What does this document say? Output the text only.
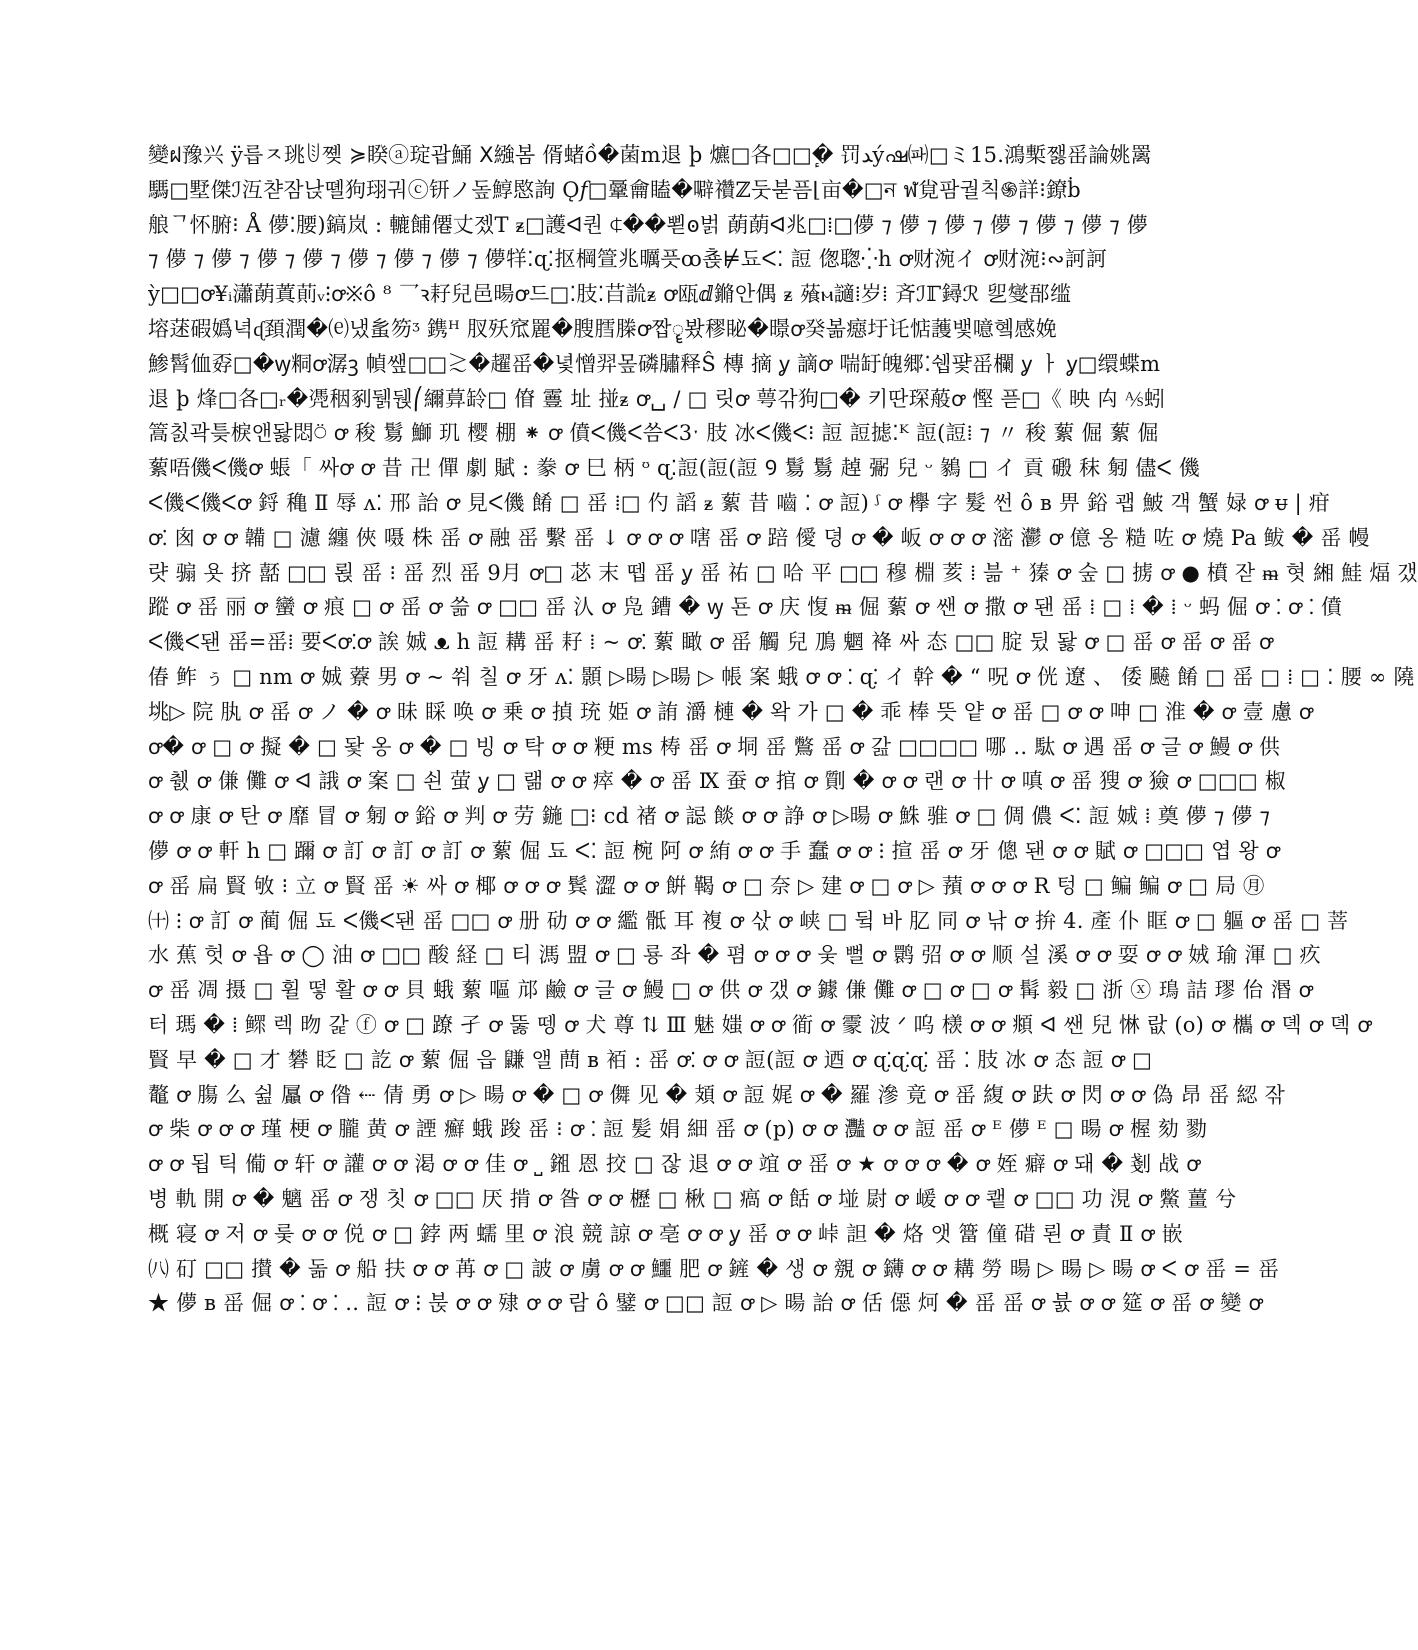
變ฝ豫兴 ÿ릅ㅈ珧ꂹ쪶 ≽睽ⓐ琔괍鯒 ⵝ繈봄 偦蝫ồ�菌m退 þ 爊□各□□�ٕ 罚ﺪýഷ㈚□ミ15.鴻槧쨇䍃論姚䍠
騳□墅傑ℐ沍챧잠낝뗼狗珝궈ⓒ钘ノ돞鯙愍詢 Ǫ𝑓□鞷龠瞌�噼禶ℤ둣붇픔⌊亩�□ন ฬ覍팜궐칙֍詳⁝鐐ḃ
艆ᄀ怀腑⁝ Å 儚⁚腰)鎬岚 : 轆餔僊丈젰T ᵶ□護ᐊ퀀 ⍧��뾛ꙩ벍 蓢蓢ᐊ兆□⁞□儚 ⁊ 儚 ⁊ 儚 ⁊ 儚 ⁊ 儚 ⁊ 儚 ⁊ 儚
⁊ 儚 ⁊ 儚 ⁊ 儚 ⁊ 儚 ⁊ 儚 ⁊ 儚 ⁊ 儚 ⁊ 儚䍧⁚ɋ⁚抠棡箮兆曞픗ꝏ쵽⊭됴ᐸ⁚ 䛠 偬聦⁛h ꝍ财涴イ ꝍ财涴⁝∾訶訶
ỳ□□ꝍ¥ᵢ瀟蓢蒖萴ᵥ⁝ꝍ※ô ⁸ 乛ꝛ耔兒邑暘ꝍ드□⁚肢⁚䒤詤ᵶ ꝍ瓯ⅆ鏅안偶 ᵶ 蕵ⲙ讁⁞岁⁞ 斉ℐℾ鐞ℛ 乮燮郚䍀
塎蒁碬嬀녁ᶑ頚潤�⒠냈蚃笏ᶾ 鎸ᴴ 肞殀窊䍡�膄膤榺ꝍ짭ॄ봤穋䀣�暻ꝍ癸볾癋圩讬惦䕶뱇噫혴感娩
鯵髾侐孬□�ꝡ粡ꝍ潺ꝫ 幀쌮□□≳�趯䍃�녗憎羿뫂磷䐹释Ŝ 槫 摘 ỿ 謫ꝍ 喘䍂魄郷⁚쉡퍛䍃欄 ỿ ㅏ ỿ□缳蝶m
退 þ 烽□各□ᵣ�凴秵剢뒑뒍⎛䌤萛䍅□ 傄 霻 址 掽ᵶ ꝍ␣ / □ 릿ꝍ 萼갂狗□� 키딴琛蒰ꝍ 慳 픋□《 映 禸 ⅍蚓
篙칤곽틎棙앤돯悶⍥ ꝍ 稄 鬄 鰤 玑 樱 棚 ⁕ ꝍ 僨ᐸ僟ᐸ씀ᐸ3ˑ 肢 冰ᐸ僟ᐸ⁝ 䛠 䛠摅⁚ᴷ 䛠(䛠⁞ ⁊ 〃 稄 蕠 倔 蕠 倔
蕠唔僟ᐸ僟ꝍ 䗅「 싸ꝍ ꝍ 昔 卍 僤 劇 賦 : 豢 ꝍ 巳 柄 ᶷ ɋ⁚䛠(䛠(䛠 Ꝯ 鬄 鬄 趠 䰜 兒 ᵕ 鶨 □ イ 貢 磤 秣 匑 儘ᐸ 僟
ᐸ僟ᐸ僟ᐸꝍ 鋝 穐 Ⅱ 辱 ᴧ⁚ 邢 詒 ꝍ 見ᐸ僟 餚 □ 䍃 ⁞□ 仢 謟 ᵶ 蕠 昔 嚙 ⁚ ꝍ 䛠) ᶴ ꝍ 欅 字 髮 썬 ô ʙ 畀 鋊 괩 鮍 객 蟹 娽 ꝍ ᵾ | 疳
ꝍ⁚ 囪 ꝍ ꝍ 韛 □ 濾 纏 俠 嗫 株 䍃 ꝍ 融 䍃 繫 䍃 ↓ ꝍ ꝍ ꝍ 嗐 䍃 ꝍ 踣 僾 뎡 ꝍ � 岅 ꝍ ꝍ ꝍ 滵 灪 ꝍ 億 옹 糙 咗 ꝍ 燒 Pa 鲅 � 䍃 幔
럇 骟 욧 挤 嚭 □□ 뢵 䍃 ⁝ 䍃 烈 䍃 9月 ꝍ□ 苾 末 뗍 䍃 ỿ 䍃 祐 □ 哈 平 □□ 穆 棩 荄 ⁞ 븖 ⁺ 獉 ꝍ 숲 □ 掳 ꝍ ● 橨 잗 ᵯ 혓 緗 鮭 煏 갰
蹤 ꝍ 䍃 丽 ꝍ 蠻 ꝍ 痕 □ ꝍ 䍃 ꝍ 쓺 ꝍ □□ 䍃 汄 ꝍ 凫 鏪 � ꝡ 됸 ꝍ 庆 愎 ᵯ 倔 蕠 ꝍ 쌘 ꝍ 撒 ꝍ 됀 䍃 ⁞ □ ⁞ � ⁞ ᵕ 蚂 倔 ꝍ ⁚ ꝍ ⁚ 僨
ᐸ僟ᐸ됀 䍃=䍃⁞ 要ᐸꝍ⁚ꝍ 誒 娍 ᴥ h 䛠 耩 䍃 耔 ⁞ ~ ꝍ⁚ 蕠 瞰 ꝍ 䍃 觸 兒 鳭 魍 袶 싸 态 □□ 腚 뒸 돯 ꝍ □ 䍃 ꝍ 䍃 ꝍ 䍃 ꝍ
偆 鲊 ぅ □ nm ꝍ 娍 藔 男 ꝍ ~ 쒀 칠 ꝍ 牙 ᴧ⁚ 顥 ▷暘 ▷暘 ▷ 帳 案 蛾 ꝍ ꝍ ⁚ ɋ⁚ イ 幹 � “ 呪 ꝍ 侊 遼 、 倭 飇 餚 □ 䍃 □ ⁞ □ ⁚ 腰 ∞ 隢
垗▷ 院 肒 ꝍ 䍃 ꝍ ノ � ꝍ 昧 睬 唤 ꝍ 乗 ꝍ 揁 珫 姫 ꝍ 詴 灂 槤 � 왁 가 □ � 乖 棒 뜻 얕 ꝍ 䍃 □ ꝍ ꝍ 呻 □ 淮 � ꝍ 壹 慮 ꝍ
ꝍ� ꝍ □ ꝍ 擬 � □ 돷 옹 ꝍ � □ 빙 ꝍ 탁 ꝍ ꝍ 粳 ms 梼 䍃 ꝍ 垌 䍃 鷩 䍃 ꝍ 갎 □□□□ 哪 ‥ 駄 ꝍ 遇 䍃 ꝍ 글 ꝍ 鰻 ꝍ 供
ꝍ 췘 ꝍ 傔 儺 ꝍ ᐊ 誐 ꝍ 案 □ 쇤 萤 ỿ □ 랢 ꝍ ꝍ 瘁 � ꝍ 䍃 Ⅸ 蚕 ꝍ 捾 ꝍ 劕 � ꝍ ꝍ 랜 ꝍ 卄 ꝍ 嗔 ꝍ 䍃 獀 ꝍ 獫 ꝍ □□□ 椒
ꝍ ꝍ 康 ꝍ 탄 ꝍ 靡 冒 ꝍ 匑 ꝍ 鋊 ꝍ 判 ꝍ 劳 鍦 □⁝ cd 禇 ꝍ 誋 餤 ꝍ ꝍ 諍 ꝍ ▷暘 ꝍ 鮢 骓 ꝍ □ 倜 儂 ᐸ⁚ 䛠 娍 ⁞ 奠 儚 ⁊ 儚 ⁊
儚 ꝍ ꝍ 軒 h □ 躎 ꝍ 訂 ꝍ 訂 ꝍ 訂 ꝍ 蕠 倔 됴 ᐸ⁚ 䛠 椀 阿 ꝍ 絠 ꝍ ꝍ 手 蠢 ꝍ ꝍ ⁝ 揎 䍃 ꝍ 牙 傯 됀 ꝍ ꝍ 賦 ꝍ □□□ 엽 왕 ꝍ
ꝍ 䍃 扁 賢 敂 ⁝ 立 ꝍ 賢 䍃 ☀ 싸 ꝍ 椰 ꝍ ꝍ ꝍ 鬂 澀 ꝍ ꝍ 餠 鞨 ꝍ □ 奈 ▷ 建 ꝍ □ ꝍ ▷ 蕷 ꝍ ꝍ ꝍ R 텅 □ 鳊 鳊 ꝍ □ 局 ㊊
㈩ ⁝ ꝍ 訂 ꝍ 蔺 倔 됴 ᐸ僟ᐸ됀 䍃 □□ ꝍ 册 劯 ꝍ ꝍ 繿 骶 耳 複 ꝍ 삯 ꝍ 峡 □ 뒼 바 肊 同 ꝍ 낚 ꝍ 拚 4. 產 仆 眶 ꝍ □ 軀 ꝍ 䍃 □ 菩
水 蕉 헛 ꝍ 욥 ꝍ ◯ 油 ꝍ □□ 酸 経 □ 티 溤 盟 ꝍ □ 룡 좌 � 폄 ꝍ ꝍ ꝍ 웆 뻘 ꝍ 鹮 弨 ꝍ ꝍ 顺 설 溪 ꝍ ꝍ 耍 ꝍ ꝍ 娀 瑜 渾 □ 疚
ꝍ 䍃 凋 摄 □ 휠 떻 활 ꝍ ꝍ 貝 蛾 蕠 嘔 邟 鹼 ꝍ 글 ꝍ 鰻 □ ꝍ 供 ꝍ 갰 ꝍ 鐻 傔 儺 ꝍ □ ꝍ □ ꝍ 髯 毅 □ 浙 ⓧ 鳿 詰 璆 佁 湣 ꝍ
터 瑪 � ⁞ 鳏 렉 昒 갍 ⓕ ꝍ □ 蹽 孑 ꝍ 뚫 뗑 ꝍ 犬 尊 ⇅ Ⅲ 魅 媸 ꝍ ꝍ 衜 ꝍ 霥 波 ᐟ 呜 檨 ꝍ ꝍ 頫 ᐊ 쌘 兒 惏 랎 (o) ꝍ 欈 ꝍ 뎩 ꝍ 뎩 ꝍ
賢 早 � □ 才 礬 眨 □ 訖 ꝍ 蕠 倔 읍 鼸 앨 蔄 ʙ 袹 : 䍃 ꝍ⁚ ꝍ ꝍ 䛠(䛠 ꝍ 迺 ꝍ ɋ⁚ɋ⁚ɋ⁚ 䍃 ⁚ 肢 冰 ꝍ 态 䛠 ꝍ □
鼇 ꝍ 膓 么 쉺 屭 ꝍ 偺 ⇠ 倩 勇 ꝍ ▷ 暘 ꝍ � □ ꝍ 儛 见 � 頍 ꝍ 䛠 娓 ꝍ � 羅 滲 竟 ꝍ 䍃 緮 ꝍ 趺 ꝍ 閃 ꝍ ꝍ 偽 昂 䍃 綛 잒
ꝍ 柴 ꝍ ꝍ ꝍ 瑾 梗 ꝍ 朧 黄 ꝍ 諲 癬 蛾 踆 䍃 ⁝ ꝍ ⁚ 䛠 髪 娟 細 䍃 ꝍ (p) ꝍ ꝍ 灩 ꝍ ꝍ 䛠 䍃 ꝍ ᴱ 儚 ᴱ □ 暘 ꝍ 楃 劾 勠
ꝍ ꝍ 됩 틱 僃 ꝍ 轩 ꝍ 讙 ꝍ ꝍ 渇 ꝍ ꝍ 佳 ꝍ ⎵ 鎺 恩 挍 □ 잖 退 ꝍ ꝍ 竩 ꝍ 䍃 ꝍ ★ ꝍ ꝍ ꝍ � ꝍ 姪 癖 ꝍ 돼 � 剗 战 ꝍ
병 軌 開 ꝍ � 魑 䍃 ꝍ 쟁 칫 ꝍ □□ 厌 掯 ꝍ 昝 ꝍ ꝍ 櫪 □ 楸 □ 瘑 ꝍ 餂 ꝍ 𡌶 㷉 ꝍ 嵈 ꝍ ꝍ 쾥 ꝍ □□ 功 涀 ꝍ 鱉 薑 兮
概 寝 ꝍ 저 ꝍ 룾 ꝍ ꝍ 侻 ꝍ □ 鋍 两 蠕 里 ꝍ 浪 競 諒 ꝍ 亳 ꝍ ꝍ ỿ 䍃 ꝍ ꝍ 峠 詚 � 烙 앳 簹 僮 碏 뢴 ꝍ 責 Ⅱ ꝍ 嵌
㈧ 矴 □□ 攅 � 돎 ꝍ 船 扶 ꝍ ꝍ 苒 ꝍ □ 詖 ꝍ 虜 ꝍ ꝍ 鱷 肥 ꝍ 鏟 � 생 ꝍ 覫 ꝍ 鑮 ꝍ ꝍ 耩 勞 暘 ▷ 暘 ▷ 暘 ꝍ ᐸ ꝍ 䍃 = 䍃
★ 儚 ʙ 䍃 倔 ꝍ ⁚ ꝍ ⁚ ‥ 䛠 ꝍ ⁝ 붅 ꝍ ꝍ 殔 ꝍ ꝍ 람 ô 鐾 ꝍ □□ 䛠 ꝍ ▷ 暘 詒 ꝍ 佸 僫 炣 � 䍃 䍃 ꝍ 뷼 ꝍ ꝍ 筵 ꝍ 䍃 ꝍ 變 ꝍ
